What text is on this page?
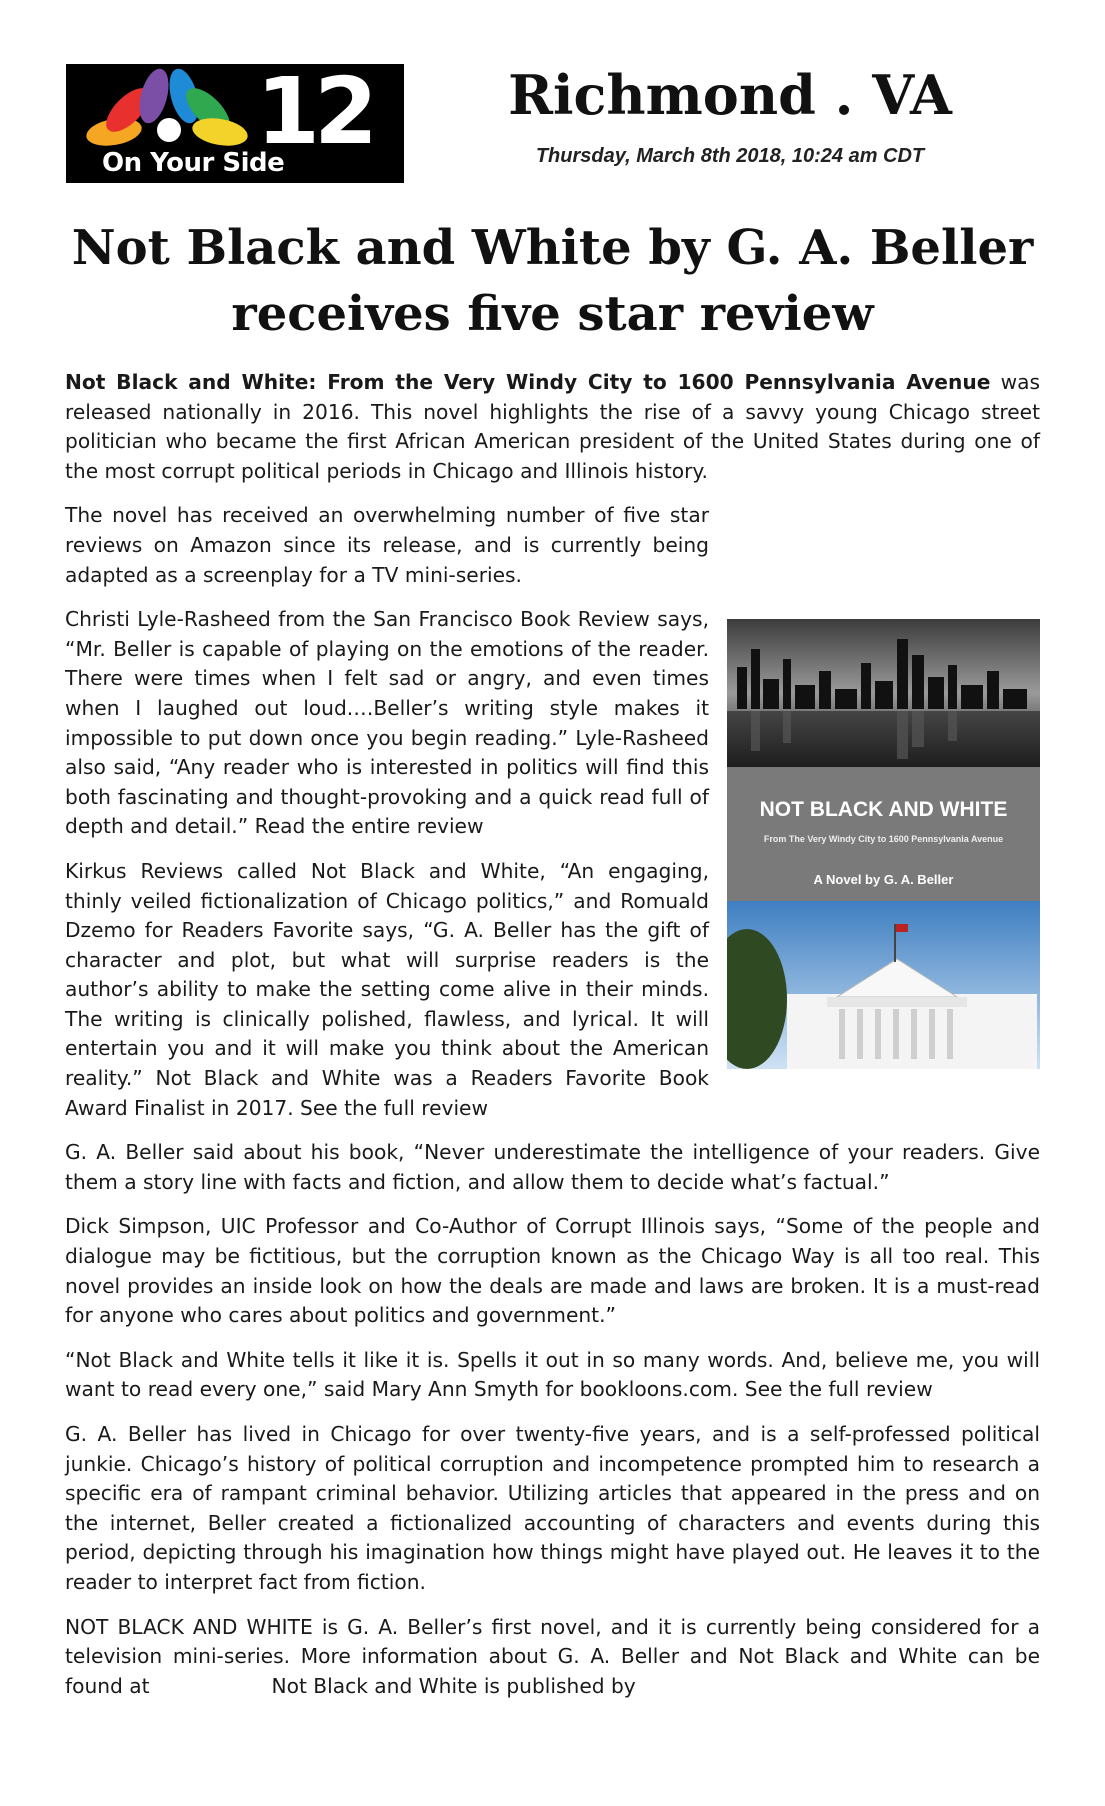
12
On Your Side
Richmond . VA
Thursday, March 8th 2018, 10:24 am CDT
Not Black and White by G. A. Beller receives five star review

Not Black and White: From the Very Windy City to 1600 Pennsylvania Avenue was released nationally in 2016. This novel highlights the rise of a savvy young Chicago street politician who became the first African American president of the United States during one of the most corrupt political periods in Chicago and Illinois history.

NOT BLACK AND WHITE
From The Very Windy City to 1600 Pennsylvania Avenue
A Novel by G. A. Beller

The novel has received an overwhelming number of five star reviews on Amazon since its release, and is currently being adapted as a screenplay for a TV mini-series.

Christi Lyle-Rasheed from the San Francisco Book Review says, “Mr. Beller is capable of playing on the emotions of the reader. There were times when I felt sad or angry, and even times when I laughed out loud.…Beller’s writing style makes it impossible to put down once you begin reading.” Lyle-Rasheed also said, “Any reader who is interested in politics will find this both fascinating and thought-provoking and a quick read full of depth and detail.” Read the entire review

Kirkus Reviews called Not Black and White, “An engaging, thinly veiled fictionalization of Chicago politics,” and Romuald Dzemo for Readers Favorite says, “G. A. Beller has the gift of character and plot, but what will surprise readers is the author’s ability to make the setting come alive in their minds. The writing is clinically polished, flawless, and lyrical. It will entertain you and it will make you think about the American reality.” Not Black and White was a Readers Favorite Book Award Finalist in 2017. See the full review

G. A. Beller said about his book, “Never underestimate the intelligence of your readers. Give them a story line with facts and fiction, and allow them to decide what’s factual.”

Dick Simpson, UIC Professor and Co-Author of Corrupt Illinois says, “Some of the people and dialogue may be fictitious, but the corruption known as the Chicago Way is all too real. This novel provides an inside look on how the deals are made and laws are broken. It is a must-read for anyone who cares about politics and government.”

“Not Black and White tells it like it is. Spells it out in so many words. And, believe me, you will want to read every one,” said Mary Ann Smyth for bookloons.com. See the full review

G. A. Beller has lived in Chicago for over twenty-five years, and is a self-professed political junkie. Chicago’s history of political corruption and incompetence prompted him to research a specific era of rampant criminal behavior. Utilizing articles that appeared in the press and on the internet, Beller created a fictionalized accounting of characters and events during this period, depicting through his imagination how things might have played out. He leaves it to the reader to interpret fact from fiction.

NOT BLACK AND WHITE is G. A. Beller’s first novel, and it is currently being considered for a television mini-series. More information about G. A. Beller and Not Black and White can be found at                   Not Black and White is published by
